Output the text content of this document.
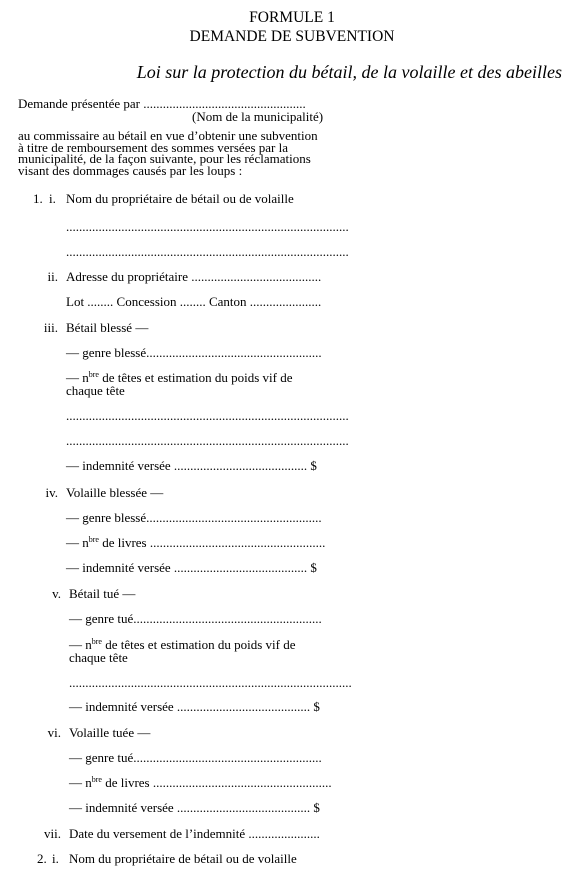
FORMULE 1
DEMANDE DE SUBVENTION
Loi sur la protection du bétail, de la volaille et des abeilles
Demande présentée par ..................................................
(Nom de la municipalité)
au commissaire au bétail en vue d’obtenir une subvention
à titre de remboursement des sommes versées par la
municipalité, de la façon suivante, pour les réclamations
visant des dommages causés par les loups :
1. i. Nom du propriétaire de bétail ou de volaille
.......................................................................................
.......................................................................................
ii. Adresse du propriétaire ........................................
Lot ........ Concession ........ Canton ......................
iii. Bétail blessé —
— genre blessé......................................................
— $n^{bre}$ de têtes et estimation du poids vif de
chaque tête
.......................................................................................
.......................................................................................
— indemnité versée ......................................... $
iv. Volaille blessée —
— genre blessé......................................................
— $n^{bre}$ de livres ......................................................
— indemnité versée ......................................... $
v. Bétail tué —
— genre tué..........................................................
— $n^{bre}$ de têtes et estimation du poids vif de
chaque tête
.......................................................................................
— indemnité versée ......................................... $
vi. Volaille tuée —
— genre tué..........................................................
— $n^{bre}$ de livres .......................................................
— indemnité versée ......................................... $
vii. Date du versement de l’indemnité ......................
2. i. Nom du propriétaire de bétail ou de volaille
